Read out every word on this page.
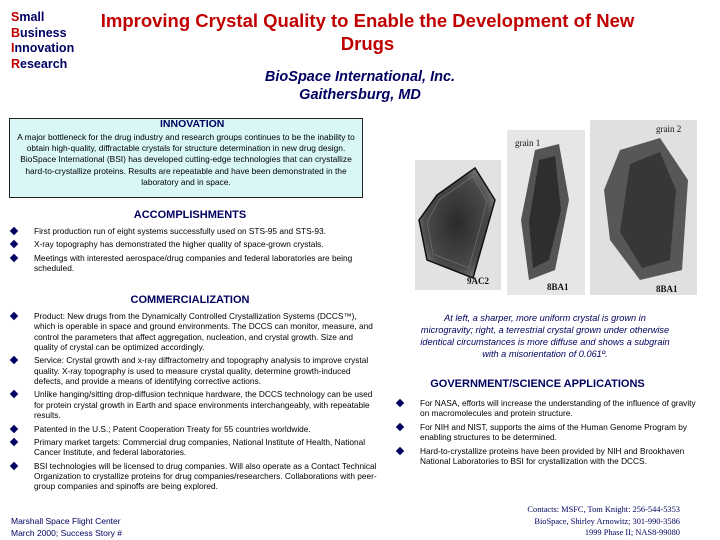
Small
Business
Innovation
Research
Improving Crystal Quality to Enable the Development of New Drugs
BioSpace International, Inc.
Gaithersburg, MD
A major bottleneck for the drug industry and research groups continues to be the inability to obtain high-quality, diffractable crystals for structure determination in new drug design. BioSpace International (BSI) has developed cutting-edge technologies that can crystallize hard-to-crystallize proteins. Results are repeatable and have been demonstrated in the laboratory and in space.
INNOVATION
ACCOMPLISHMENTS
First production run of eight systems successfully used on STS-95 and STS-93.
X-ray topography has demonstrated the higher quality of space-grown crystals.
Meetings with interested aerospace/drug companies and federal laboratories are being scheduled.
COMMERCIALIZATION
Product: New drugs from the Dynamically Controlled Crystallization Systems (DCCS™), which is operable in space and ground environments. The DCCS can monitor, measure, and control the parameters that affect aggregation, nucleation, and crystal growth. Size and quality of crystal can be optimized accordingly.
Service: Crystal growth and x-ray diffractometry and topography analysis to improve crystal quality. X-ray topography is used to measure crystal quality, determine growth-induced defects, and provide a means of identifying corrective actions.
Unlike hanging/sitting drop-diffusion technique hardware, the DCCS technology can be used for protein crystal growth in Earth and space environments interchangeably, with repeatable results.
Patented in the U.S.; Patent Cooperation Treaty for 55 countries worldwide.
Primary market targets: Commercial drug companies, National Institute of Health, National Cancer Institute, and federal laboratories.
BSI technologies will be licensed to drug companies. Will also operate as a Contact Technical Organization to crystallize proteins for drug companies/researchers. Collaborations with peer-group companies and spinoffs are being explored.
9AC2
grain 1
8BA1
grain 2
8BA1
At left, a sharper, more uniform crystal is grown in microgravity; right, a terrestrial crystal grown under otherwise identical circumstances is more diffuse and shows a subgrain with a misorientation of 0.061º.
GOVERNMENT/SCIENCE APPLICATIONS
For NASA, efforts will increase the understanding of the influence of gravity on macromolecules and protein structure.
For NIH and NIST, supports the aims of the Human Genome Program by enabling structures to be determined.
Hard-to-crystallize proteins have been provided by NIH and Brookhaven National Laboratories to BSI for crystallization with the DCCS.
Contacts: MSFC, Tom Knight: 256-544-5353
BioSpace, Shirley Arnowitz; 301-990-3586
1999 Phase II; NAS8-99080
Marshall Space Flight Center
March 2000; Success Story #
